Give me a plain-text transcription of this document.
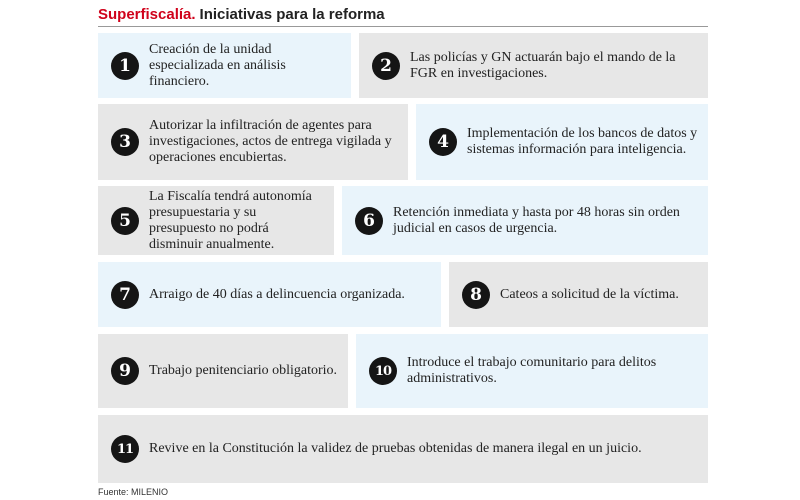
Superfiscalía. Iniciativas para la reforma
1
Creación de la unidad especializada en análisis financiero.
2	Las policías y GN actuarán bajo el mando de la FGR en investigaciones.
3
Autorizar la infiltración de agentes para investigaciones, actos de entrega vigilada y operaciones encubiertas.
4	Implementación de los bancos de datos y sistemas información para inteligencia.
5
La Fiscalía tendrá autonomía presupuestaria y su presupuesto no podrá disminuir anualmente.
6	Retención inmediata y hasta por 48 horas sin orden judicial en casos de urgencia.
7	Arraigo de 40 días a delincuencia organizada.	8	Cateos a solicitud de la víctima.
9	Trabajo penitenciario obligatorio.	10
Introduce el trabajo comunitario para delitos administrativos.
11	Revive en la Constitución la validez de pruebas obtenidas de manera ilegal en un juicio.
Fuente: MILENIO
